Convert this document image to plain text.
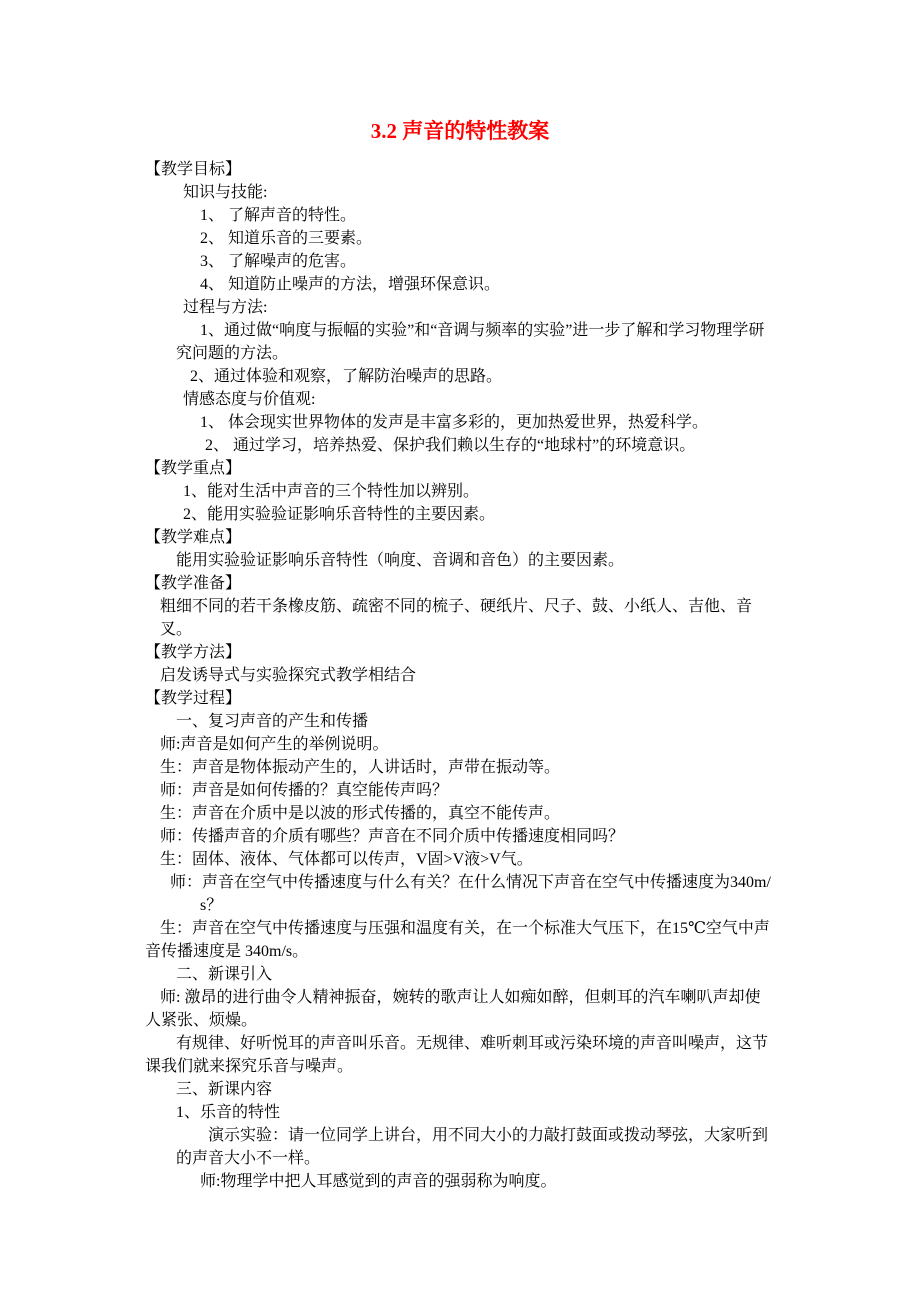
3.2 声音的特性教案
【教学目标】
知识与技能:
1、 了解声音的特性。
2、 知道乐音的三要素。
3、 了解噪声的危害。
4、 知道防止噪声的方法，增强环保意识。
过程与方法:
1、通过做“响度与振幅的实验”和“音调与频率的实验”进一步了解和学习物理学研究问题的方法。
2、通过体验和观察，了解防治噪声的思路。
情感态度与价值观:
1、 体会现实世界物体的发声是丰富多彩的，更加热爱世界，热爱科学。
2、 通过学习，培养热爱、保护我们赖以生存的“地球村”的环境意识。
【教学重点】
1、能对生活中声音的三个特性加以辨别。
2、能用实验验证影响乐音特性的主要因素。
【教学难点】
能用实验验证影响乐音特性（响度、音调和音色）的主要因素。
【教学准备】
粗细不同的若干条橡皮筋、疏密不同的梳子、硬纸片、尺子、鼓、小纸人、吉他、音叉。
【教学方法】
启发诱导式与实验探究式教学相结合
【教学过程】
一、复习声音的产生和传播
师:声音是如何产生的举例说明。
生：声音是物体振动产生的，人讲话时，声带在振动等。
师：声音是如何传播的？真空能传声吗？
生：声音在介质中是以波的形式传播的，真空不能传声。
师：传播声音的介质有哪些？声音在不同介质中传播速度相同吗？
生：固体、液体、气体都可以传声，V固>V液>V气。
师：声音在空气中传播速度与什么有关？在什么情况下声音在空气中传播速度为340m/s？
生：声音在空气中传播速度与压强和温度有关，在一个标准大气压下，在15℃空气中声音传播速度是 340m/s。
二、新课引入
师: 激昂的进行曲令人精神振奋，婉转的歌声让人如痴如醉，但刺耳的汽车喇叭声却使人紧张、烦燥。
有规律、好听悦耳的声音叫乐音。无规律、难听刺耳或污染环境的声音叫噪声，这节课我们就来探究乐音与噪声。
三、新课内容
1、乐音的特性
演示实验：请一位同学上讲台，用不同大小的力敲打鼓面或拨动琴弦，大家听到的声音大小不一样。
师:物理学中把人耳感觉到的声音的强弱称为响度。
